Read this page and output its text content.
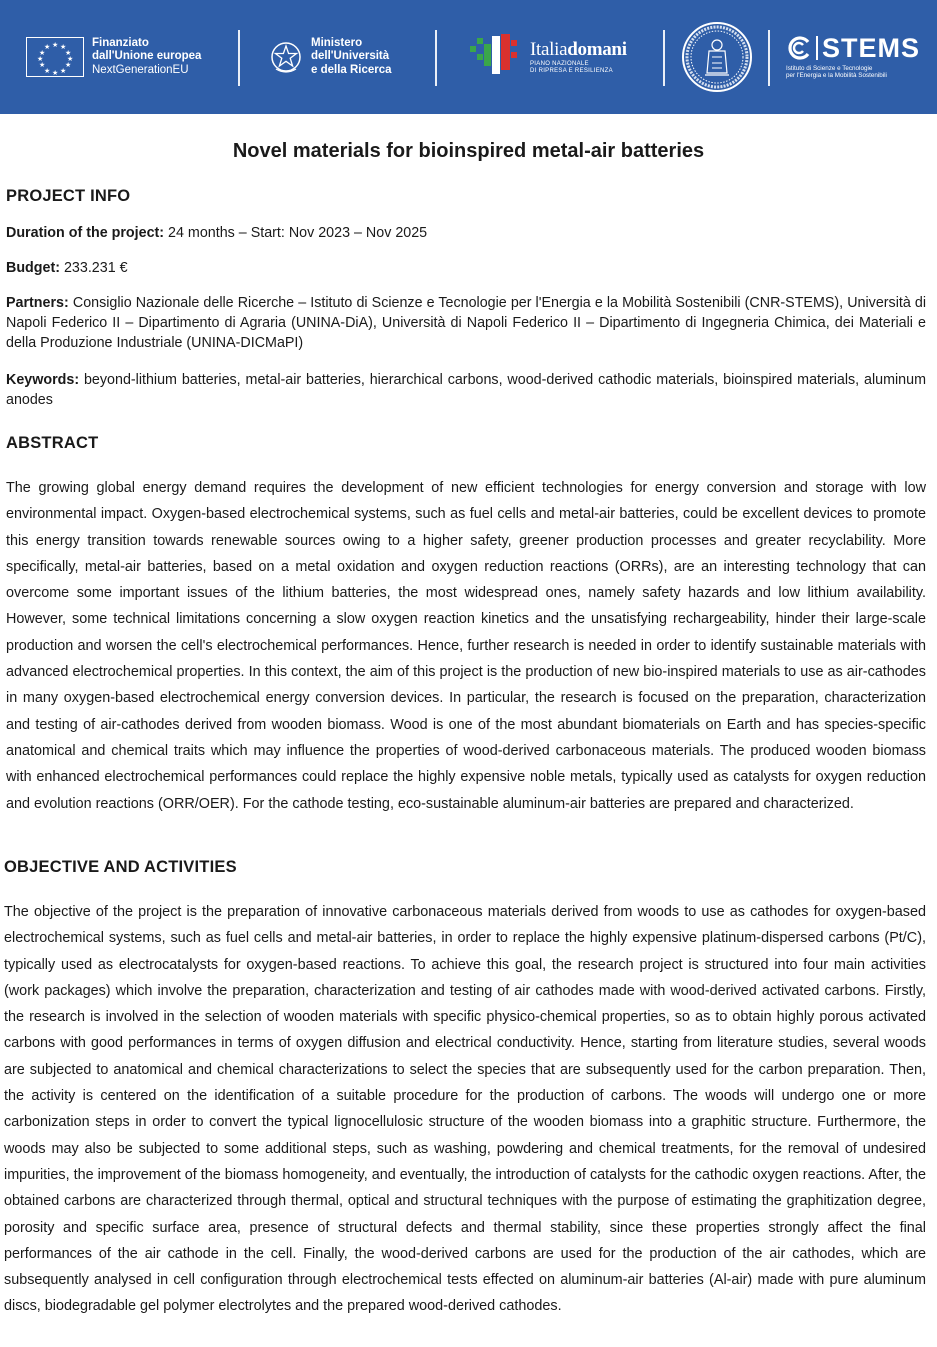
★ ★
★
★
★
★
★
★
★
★
★
★	Finanziato
dall'Unione europea
NextGenerationEU
Ministero
dell'Università
e della Ricerca
Italiadomani
PIANO NAZIONALE
DI RIPRESA E RESILIENZA
STEMS
Istituto di Scienze e Tecnologie
per l'Energia e la Mobilità Sostenibili
Novel materials for bioinspired metal-air batteries
PROJECT INFO

Duration of the project: 24 months – Start: Nov 2023 – Nov 2025

Budget: 233.231 €

Partners: Consiglio Nazionale delle Ricerche – Istituto di Scienze e Tecnologie per l'Energia e la Mobilità Sostenibili (CNR-STEMS), Università di Napoli Federico II – Dipartimento di Agraria (UNINA-DiA), Università di Napoli Federico II – Dipartimento di Ingegneria Chimica, dei Materiali e della Produzione Industriale (UNINA-DICMaPI)

Keywords: beyond-lithium batteries, metal-air batteries, hierarchical carbons, wood-derived cathodic materials, bioinspired materials, aluminum anodes

ABSTRACT

The growing global energy demand requires the development of new efficient technologies for energy conversion and storage with low environmental impact. Oxygen-based electrochemical systems, such as fuel cells and metal-air batteries, could be excellent devices to promote this energy transition towards renewable sources owing to a higher safety, greener production processes and greater recyclability. More specifically, metal-air batteries, based on a metal oxidation and oxygen reduction reactions (ORRs), are an interesting technology that can overcome some important issues of the lithium batteries, the most widespread ones, namely safety hazards and low lithium availability. However, some technical limitations concerning a slow oxygen reaction kinetics and the unsatisfying rechargeability, hinder their large-scale production and worsen the cell's electrochemical performances. Hence, further research is needed in order to identify sustainable materials with advanced electrochemical properties. In this context, the aim of this project is the production of new bio-inspired materials to use as air-cathodes in many oxygen-based electrochemical energy conversion devices. In particular, the research is focused on the preparation, characterization and testing of air-cathodes derived from wooden biomass. Wood is one of the most abundant biomaterials on Earth and has species-specific anatomical and chemical traits which may influence the properties of wood-derived carbonaceous materials. The produced wooden biomass with enhanced electrochemical performances could replace the highly expensive noble metals, typically used as catalysts for oxygen reduction and evolution reactions (ORR/OER). For the cathode testing, eco-sustainable aluminum-air batteries are prepared and characterized.

OBJECTIVE AND ACTIVITIES

The objective of the project is the preparation of innovative carbonaceous materials derived from woods to use as cathodes for oxygen-based electrochemical systems, such as fuel cells and metal-air batteries, in order to replace the highly expensive platinum-dispersed carbons (Pt/C), typically used as electrocatalysts for oxygen-based reactions. To achieve this goal, the research project is structured into four main activities (work packages) which involve the preparation, characterization and testing of air cathodes made with wood-derived activated carbons. Firstly, the research is involved in the selection of wooden materials with specific physico-chemical properties, so as to obtain highly porous activated carbons with good performances in terms of oxygen diffusion and electrical conductivity. Hence, starting from literature studies, several woods are subjected to anatomical and chemical characterizations to select the species that are subsequently used for the carbon preparation. Then, the activity is centered on the identification of a suitable procedure for the production of carbons. The woods will undergo one or more carbonization steps in order to convert the typical lignocellulosic structure of the wooden biomass into a graphitic structure. Furthermore, the woods may also be subjected to some additional steps, such as washing, powdering and chemical treatments, for the removal of undesired impurities, the improvement of the biomass homogeneity, and eventually, the introduction of catalysts for the cathodic oxygen reactions. After, the obtained carbons are characterized through thermal, optical and structural techniques with the purpose of estimating the graphitization degree, porosity and specific surface area, presence of structural defects and thermal stability, since these properties strongly affect the final performances of the air cathode in the cell. Finally, the wood-derived carbons are used for the production of the air cathodes, which are subsequently analysed in cell configuration through electrochemical tests effected on aluminum-air batteries (Al-air) made with pure aluminum discs, biodegradable gel polymer electrolytes and the prepared wood-derived cathodes.
